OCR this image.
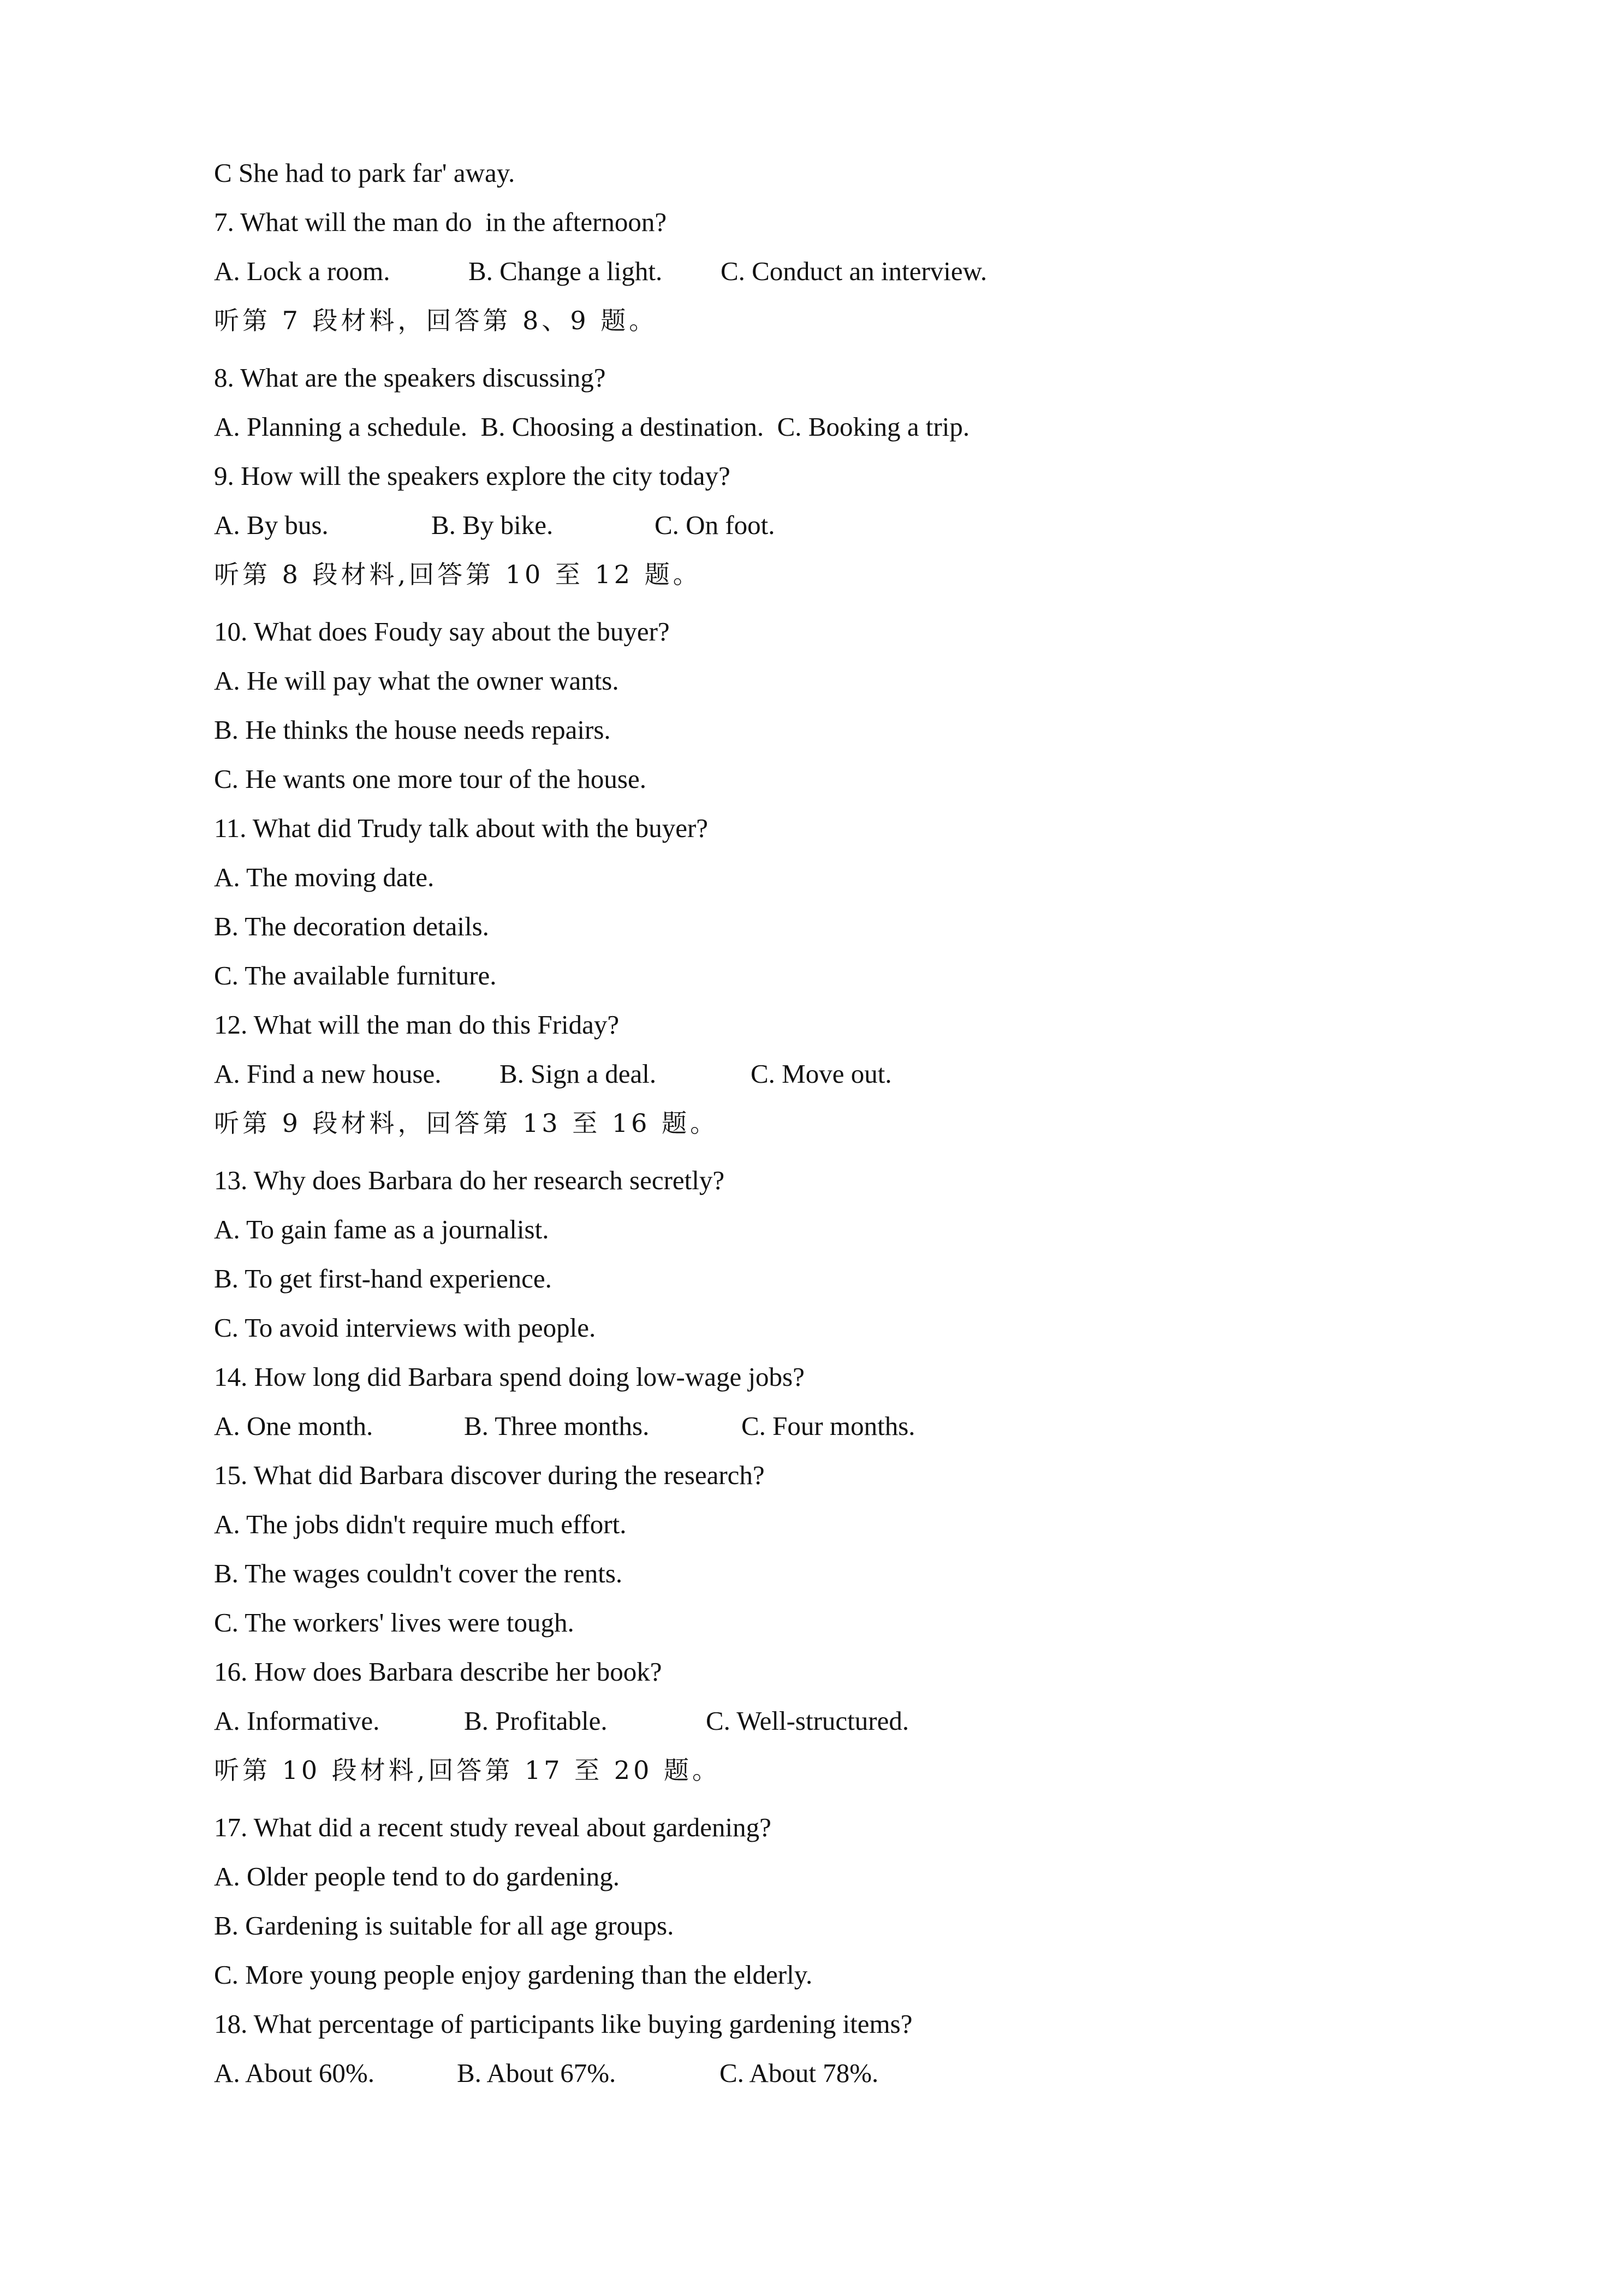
C She had to park far' away.
7. What will the man do  in the afternoon?

A. Lock a room.

	B. Change a light.

C. Conduct an interview.

听第 7 段材料，回答第 8、9 题。
8. What are the speakers discussing?
A. Planning a schedule.  B. Choosing a destination.  C. Booking a trip.
9. How will the speakers explore the city today?

A. By bus.

	B. By bike.

	C. On foot.

听第 8 段材料,回答第 10 至 12 题。
10. What does Foudy say about the buyer?
A. He will pay what the owner wants.
B. He thinks the house needs repairs.
C. He wants one more tour of the house.
11. What did Trudy talk about with the buyer?
A. The moving date.
B. The decoration details.
C. The available furniture.
12. What will the man do this Friday?

A. Find a new house.

B. Sign a deal.

	C. Move out.

听第 9 段材料，回答第 13 至 16 题。
13. Why does Barbara do her research secretly?
A. To gain fame as a journalist.
B. To get first-hand experience.
C. To avoid interviews with people.
14. How long did Barbara spend doing low-wage jobs?

A. One month.

	B. Three months.

	C. Four months.

15. What did Barbara discover during the research?
A. The jobs didn't require much effort.
B. The wages couldn't cover the rents.
C. The workers' lives were tough.
16. How does Barbara describe her book?

A. Informative.

	B. Profitable.

	C. Well-structured.

听第 10 段材料,回答第 17 至 20 题。
17. What did a recent study reveal about gardening?
A. Older people tend to do gardening.
B. Gardening is suitable for all age groups.
C. More young people enjoy gardening than the elderly.
18. What percentage of participants like buying gardening items?

A. About 60%.

	B. About 67%.

	C. About 78%.
